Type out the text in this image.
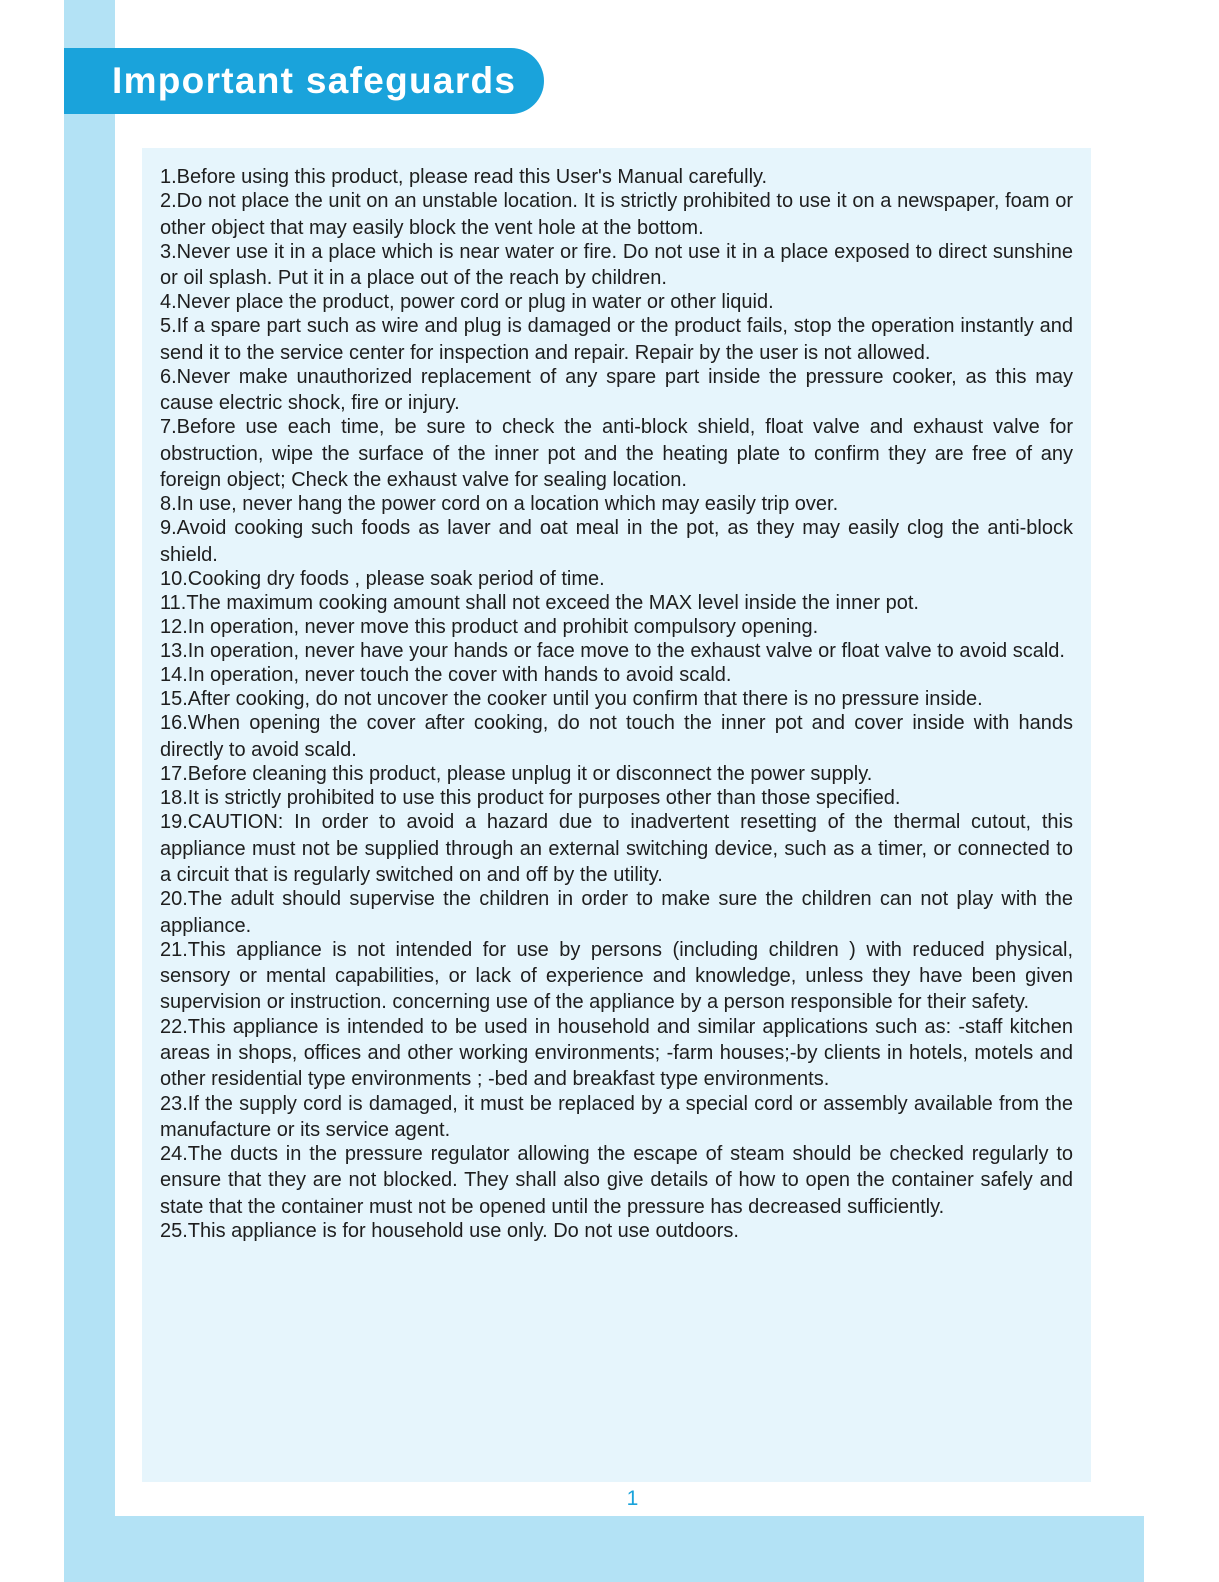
Important safeguards
1.Before using this product, please read this User's Manual carefully.
2.Do not place the unit on an unstable location. It is strictly prohibited to use it on a newspaper, foam or other object that may easily block the vent hole at the bottom.
3.Never use it in a place which is near water or fire. Do not use it in a place exposed to direct sunshine or oil splash. Put it in a place out of the reach by children.
4.Never place the product, power cord or plug in water or other liquid.
5.If a spare part such as wire and plug is damaged or the product fails, stop the operation instantly and send it to the service center for inspection and repair. Repair by the user is not allowed.
6.Never make unauthorized replacement of any spare part inside the pressure cooker, as this may cause electric shock, fire or injury.
7.Before use each time, be sure to check the anti-block shield, float valve and exhaust valve for obstruction, wipe the surface of the inner pot and the heating plate to confirm they are free of any foreign object; Check the exhaust valve for sealing location.
8.In use, never hang the power cord on a location which may easily trip over.
9.Avoid cooking such foods as laver and oat meal in the pot, as they may easily clog the anti-block shield.
10.Cooking dry foods , please soak period of time.
11.The maximum cooking amount shall not exceed the MAX level inside the inner pot.
12.In operation, never move this product and prohibit compulsory opening.
13.In operation, never have your hands or face move to the exhaust valve or float valve to avoid scald.
14.In operation, never touch the cover with hands to avoid scald.
15.After cooking, do not uncover the cooker until you confirm that there is no pressure inside.
16.When opening the cover after cooking, do not touch the inner pot and cover inside with hands directly to avoid scald.
17.Before cleaning this product, please unplug it or disconnect the power supply.
18.It is strictly prohibited to use this product for purposes other than those specified.
19.CAUTION: In order to avoid a hazard due to inadvertent resetting of the thermal cutout, this appliance must not be supplied through an external switching device, such as a timer, or connected to a circuit that is regularly switched on and off by the utility.
20.The adult should supervise the children in order to make sure the children can not play with the appliance.
21.This appliance is not intended for use by persons (including children ) with reduced physical, sensory or mental capabilities, or lack of experience and knowledge, unless they have been given supervision or instruction. concerning use of the appliance by a person responsible for their safety.
22.This appliance is intended to be used in household and similar applications such as: -staff kitchen areas in shops, offices and other working environments; -farm houses;-by clients in hotels, motels and other residential type environments ; -bed and breakfast type environments.
23.If the supply cord is damaged, it must be replaced by a special cord or assembly available from the manufacture or its service agent.
24.The ducts in the pressure regulator allowing the escape of steam should be checked regularly to ensure that they are not blocked. They shall also give details of how to open the container safely and state that the container must not be opened until the pressure has decreased sufficiently.
25.This appliance is for household use only. Do not use outdoors.
1
